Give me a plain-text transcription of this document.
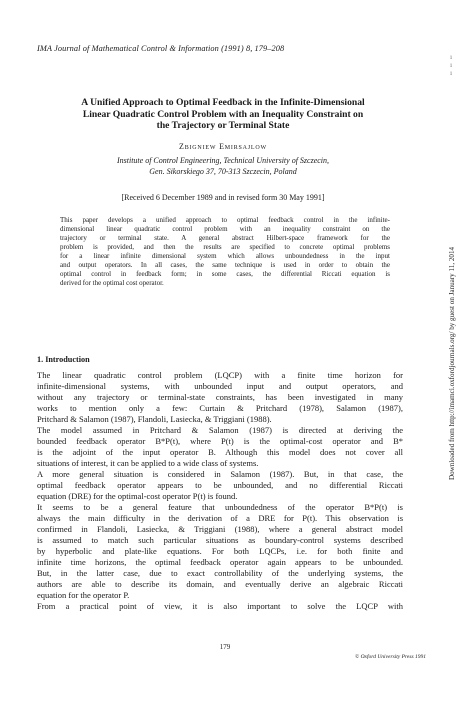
IMA Journal of Mathematical Control & Information (1991) 8, 179–208
1
1
1
A Unified Approach to Optimal Feedback in the Infinite-Dimensional
Linear Quadratic Control Problem with an Inequality Constraint on
the Trajectory or Terminal State
Zbigniew Emirsajlow
Institute of Control Engineering, Technical University of Szczecin,
Gen. Sikorskiego 37, 70-313 Szczecin, Poland
[Received 6 December 1989 and in revised form 30 May 1991]
This paper develops a unified approach to optimal feedback control in the infinite-
dimensional linear quadratic control problem with an inequality constraint on the
trajectory or terminal state. A general abstract Hilbert-space framework for the
problem is provided, and then the results are specified to concrete optimal problems
for a linear infinite dimensional system which allows unboundedness in the input
and output operators. In all cases, the same technique is used in order to obtain the
optimal control in feedback form; in some cases, the differential Riccati equation is
derived for the optimal cost operator.
1. Introduction
The linear quadratic control problem (LQCP) with a finite time horizon for
infinite-dimensional systems, with unbounded input and output operators, and
without any trajectory or terminal-state constraints, has been investigated in many
works to mention only a few: Curtain & Pritchard (1978), Salamon (1987),
Pritchard & Salamon (1987), Flandoli, Lasiecka, & Triggiani (1988).
The model assumed in Pritchard & Salamon (1987) is directed at deriving the
bounded feedback operator B*P(t), where P(t) is the optimal-cost operator and B*
is the adjoint of the input operator B. Although this model does not cover all
situations of interest, it can be applied to a wide class of systems.
A more general situation is considered in Salamon (1987). But, in that case, the
optimal feedback operator appears to be unbounded, and no differential Riccati
equation (DRE) for the optimal-cost operator P(t) is found.
It seems to be a general feature that unboundedness of the operator B*P(t) is
always the main difficulty in the derivation of a DRE for P(t). This observation is
confirmed in Flandoli, Lasiecka, & Triggiani (1988), where a general abstract model
is assumed to match such particular situations as boundary-control systems described
by hyperbolic and plate-like equations. For both LQCPs, i.e. for both finite and
infinite time horizons, the optimal feedback operator again appears to be unbounded.
But, in the latter case, due to exact controllability of the underlying systems, the
authors are able to describe its domain, and eventually derive an algebraic Riccati
equation for the operator P.
From a practical point of view, it is also important to solve the LQCP with
179
© Oxford University Press 1991
Downloaded from http://imamci.oxfordjournals.org/ by guest on January 11, 2014
